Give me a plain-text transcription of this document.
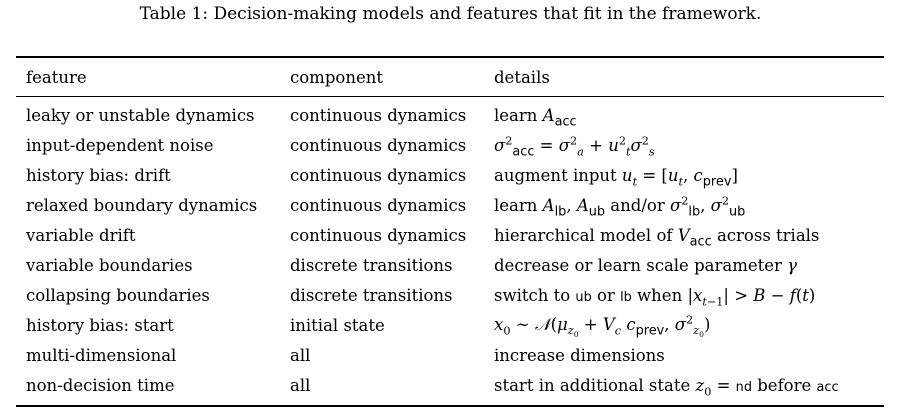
Table 1: Decision-making models and features that fit in the framework.
feature	component	details
leaky or unstable dynamics	continuous dynamics	learn $A_{acc}$
input-dependent noise	continuous dynamics	$\sigma^2_{acc} = \sigma^2_a + u^2_t\sigma^2_s$
history bias: drift	continuous dynamics	augment input $u_t = [u_t$, $c_{prev}$]
relaxed boundary dynamics	continuous dynamics	learn $A_{lb}$, $A_{ub}$ and/or $\sigma^2_{lb}$, $\sigma^2_{ub}$
variable drift	continuous dynamics	hierarchical model of $V_{acc}$ across trials
variable boundaries	discrete transitions	decrease or learn scale parameter γ
collapsing boundaries	discrete transitions	switch to ub or lb when $|x_{t-1}| > B - f(t)$
history bias: start	initial state	$x_0$ ∼ $𝒩(\mu_{z_0} + V_c$ $c_{prev}$, $\sigma^2_{z_0}$)
multi-dimensional	all	increase dimensions
non-decision time	all	start in additional state $z_0$ = nd before acc
